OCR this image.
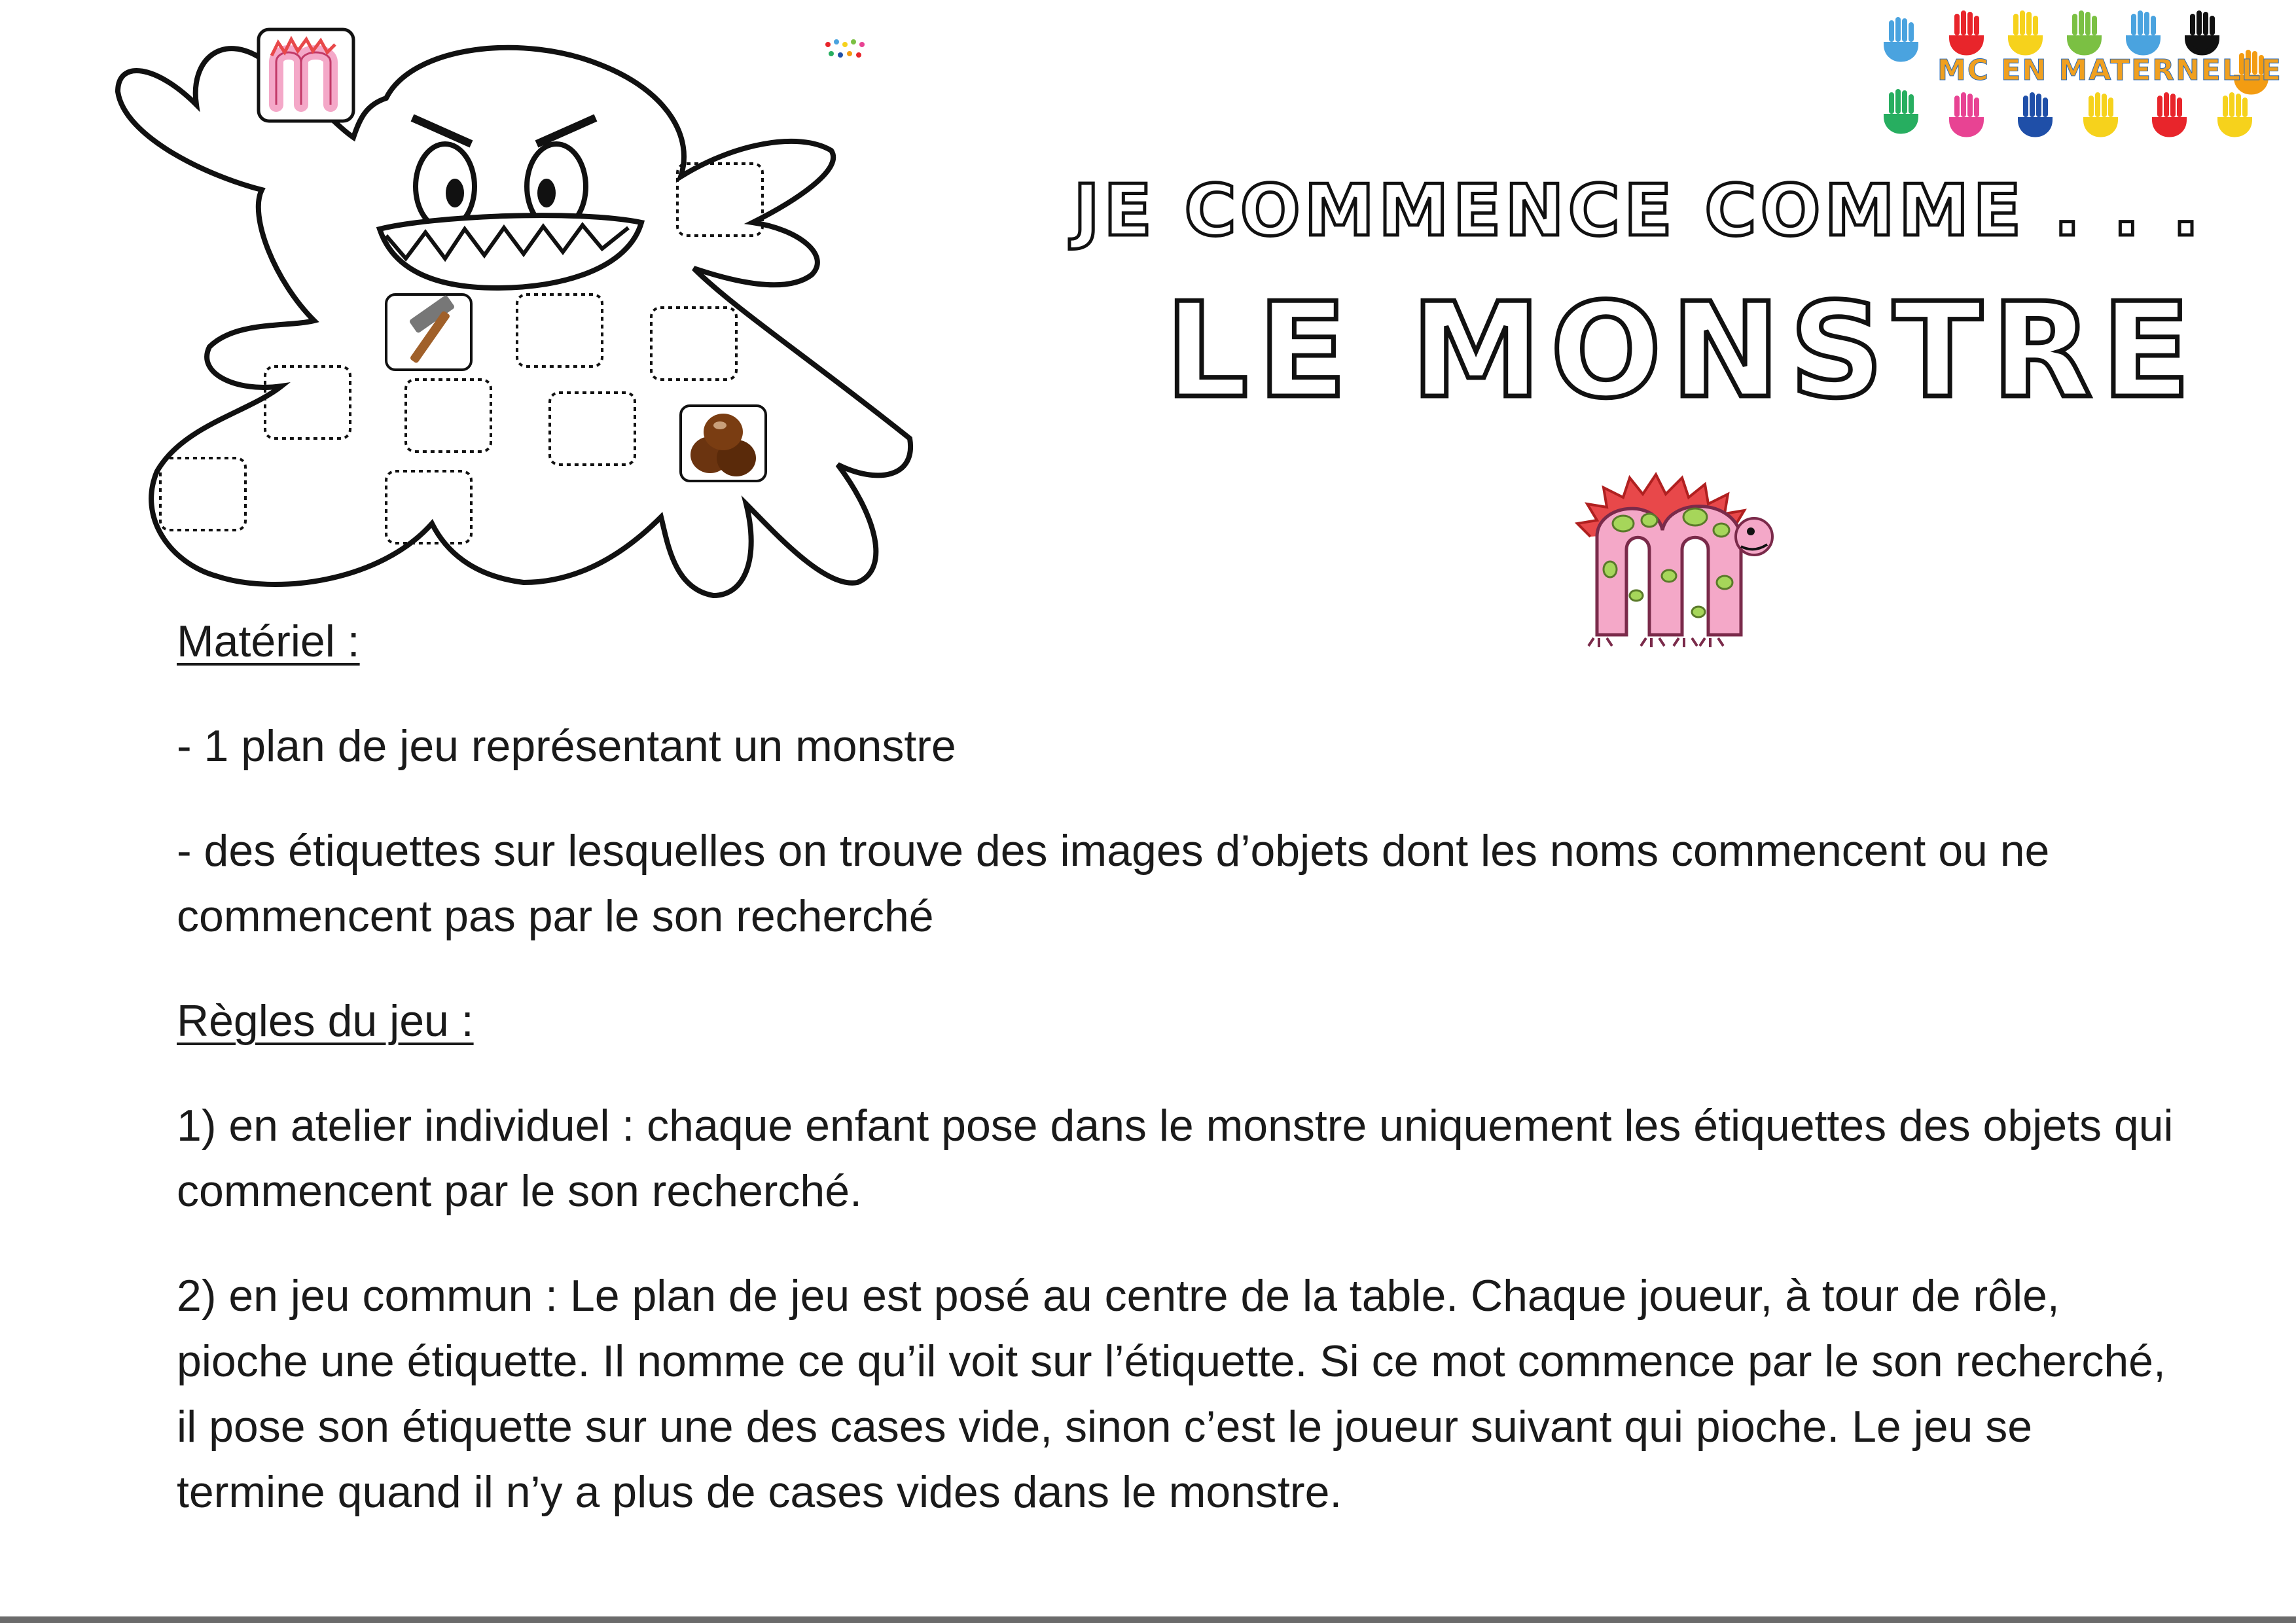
MC EN MATERNELLE
JE COMMENCE COMME . . .
LE MONSTRE

Matériel :

- 1 plan de jeu représentant un monstre

- des étiquettes sur lesquelles on trouve des images d’objets dont les noms commencent ou ne commencent pas par le son recherché

Règles du jeu :

1) en atelier individuel : chaque enfant pose dans le monstre uniquement les étiquettes des objets qui commencent par le son recherché.

2) en jeu commun : Le plan de jeu est posé au centre de la table. Chaque joueur, à tour de rôle, pioche une étiquette. Il nomme ce qu’il voit sur l’étiquette. Si ce mot commence par le son recherché, il pose son étiquette sur une des cases vide, sinon c’est le joueur suivant qui pioche. Le jeu se termine quand il n’y a plus de cases vides dans le monstre.
